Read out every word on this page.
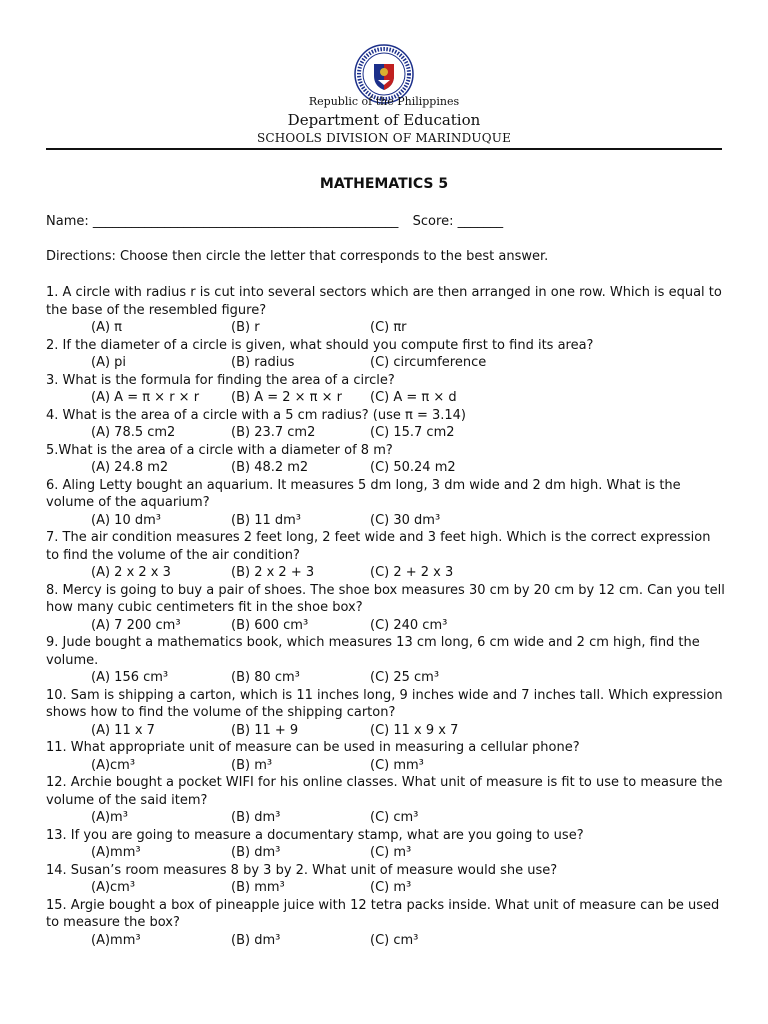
Republic of the Philippines
Department of Education
SCHOOLS DIVISION OF MARINDUQUE
MATHEMATICS 5
Name: _______________________________________________ Score: _______
Directions: Choose then circle the letter that corresponds to the best answer.
1. A circle with radius r is cut into several sectors which are then arranged in one row. Which is equal to the base of the resembled figure?
(A) π	(B) r	(C) πr
2. If the diameter of a circle is given, what should you compute first to find its area?
(A) pi	(B) radius	(C) circumference
3. What is the formula for finding the area of a circle?
(A) A = π × r × r (B) A = 2 × π × r (C) A = π × d
4. What is the area of a circle with a 5 cm radius? (use π = 3.14)
(A) 78.5 cm2	(B) 23.7 cm2	(C) 15.7 cm2
5.What is the area of a circle with a diameter of 8 m?
(A) 24.8 m2	(B) 48.2 m2	(C) 50.24 m2
6. Aling Letty bought an aquarium. It measures 5 dm long, 3 dm wide and 2 dm high. What is the volume of the aquarium?
(A) 10 dm³	(B) 11 dm³	(C) 30 dm³
7. The air condition measures 2 feet long, 2 feet wide and 3 feet high. Which is the correct expression to find the volume of the air condition?
(A) 2 x 2 x 3	(B) 2 x 2 + 3	(C) 2 + 2 x 3
8. Mercy is going to buy a pair of shoes. The shoe box measures 30 cm by 20 cm by 12 cm. Can you tell how many cubic centimeters fit in the shoe box?
(A) 7 200 cm³	(B) 600 cm³	(C) 240 cm³
9. Jude bought a mathematics book, which measures 13 cm long, 6 cm wide and 2 cm high, find the volume.
(A) 156 cm³	(B) 80 cm³	(C) 25 cm³
10. Sam is shipping a carton, which is 11 inches long, 9 inches wide and 7 inches tall. Which expression shows how to find the volume of the shipping carton?
(A) 11 x 7	(B) 11 + 9	(C) 11 x 9 x 7
11. What appropriate unit of measure can be used in measuring a cellular phone?
(A)cm³	(B) m³	(C) mm³
12. Archie bought a pocket WIFI for his online classes. What unit of measure is fit to use to measure the volume of the said item?
(A)m³	(B) dm³	(C) cm³
13. If you are going to measure a documentary stamp, what are you going to use?
(A)mm³	(B) dm³	(C) m³
14. Susan’s room measures 8 by 3 by 2. What unit of measure would she use?
(A)cm³	(B) mm³	(C) m³
15. Argie bought a box of pineapple juice with 12 tetra packs inside. What unit of measure can be used to measure the box?
(A)mm³	(B) dm³	(C) cm³
